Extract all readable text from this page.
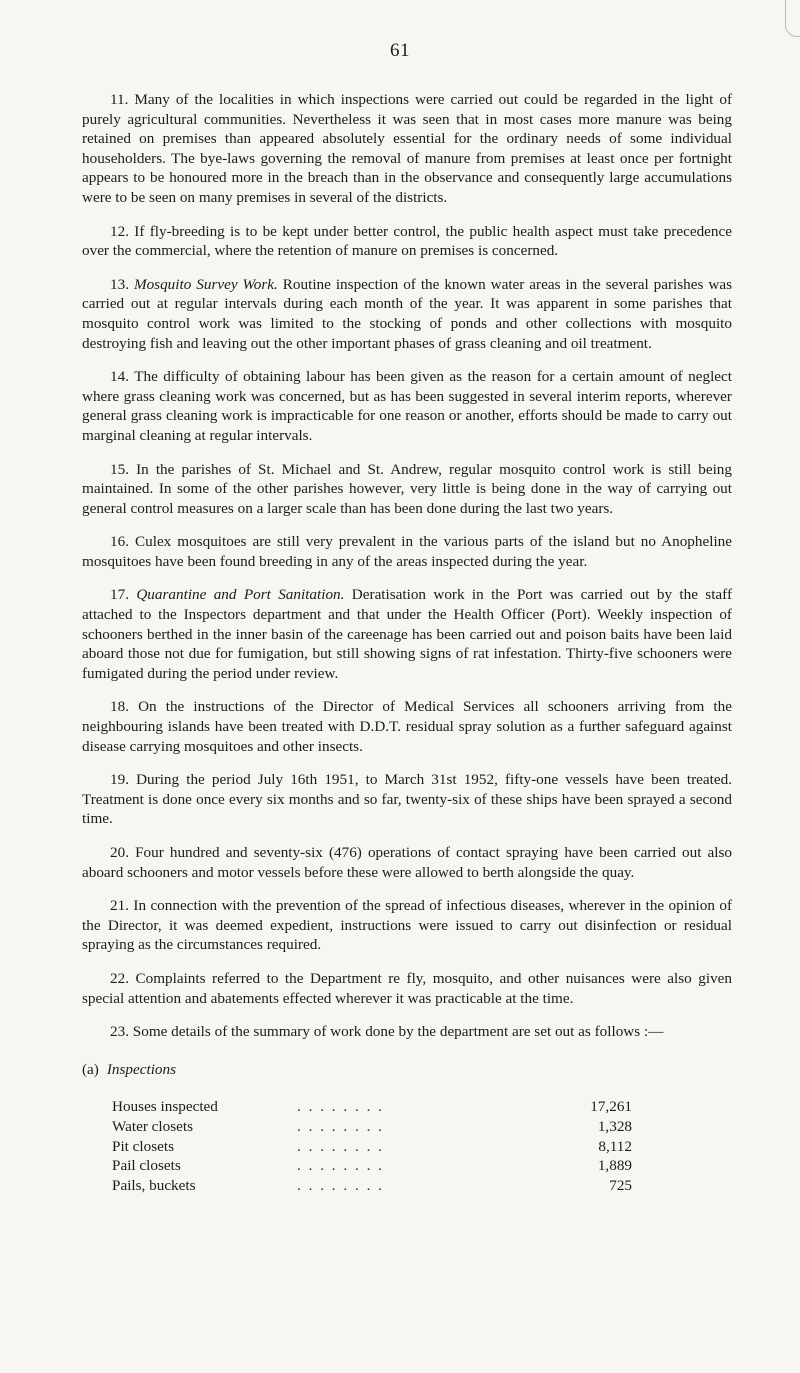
61

11. Many of the localities in which inspections were carried out could be regarded in the light of purely agricultural communities. Nevertheless it was seen that in most cases more manure was being retained on premises than appeared absolutely essential for the ordinary needs of some individual householders. The bye-laws governing the removal of manure from premises at least once per fortnight appears to be honoured more in the breach than in the observance and consequently large accumulations were to be seen on many premises in several of the districts.

12. If fly-breeding is to be kept under better control, the public health aspect must take precedence over the commercial, where the retention of manure on premises is concerned.

13. Mosquito Survey Work. Routine inspection of the known water areas in the several parishes was carried out at regular intervals during each month of the year. It was apparent in some parishes that mosquito control work was limited to the stocking of ponds and other collections with mosquito destroying fish and leaving out the other important phases of grass cleaning and oil treatment.

14. The difficulty of obtaining labour has been given as the reason for a certain amount of neglect where grass cleaning work was concerned, but as has been suggested in several interim reports, wherever general grass cleaning work is impracticable for one reason or another, efforts should be made to carry out marginal cleaning at regular intervals.

15. In the parishes of St. Michael and St. Andrew, regular mosquito control work is still being maintained. In some of the other parishes however, very little is being done in the way of carrying out general control measures on a larger scale than has been done during the last two years.

16. Culex mosquitoes are still very prevalent in the various parts of the island but no Anopheline mosquitoes have been found breeding in any of the areas inspected during the year.

17. Quarantine and Port Sanitation. Deratisation work in the Port was carried out by the staff attached to the Inspectors department and that under the Health Officer (Port). Weekly inspection of schooners berthed in the inner basin of the careenage has been carried out and poison baits have been laid aboard those not due for fumigation, but still showing signs of rat infestation. Thirty-five schooners were fumigated during the period under review.

18. On the instructions of the Director of Medical Services all schooners arriving from the neighbouring islands have been treated with D.D.T. residual spray solution as a further safeguard against disease carrying mosquitoes and other insects.

19. During the period July 16th 1951, to March 31st 1952, fifty-one vessels have been treated. Treatment is done once every six months and so far, twenty-six of these ships have been sprayed a second time.

20. Four hundred and seventy-six (476) operations of contact spraying have been carried out also aboard schooners and motor vessels before these were allowed to berth alongside the quay.

21. In connection with the prevention of the spread of infectious diseases, wherever in the opinion of the Director, it was deemed expedient, instructions were issued to carry out disinfection or residual spraying as the circumstances required.

22. Complaints referred to the Department re fly, mosquito, and other nuisances were also given special attention and abatements effected wherever it was practicable at the time.

23. Some details of the summary of work done by the department are set out as follows :—

(a) Inspections
Houses inspected	. . . . . . . .	17,261
Water closets	. . . . . . . .	1,328
Pit closets	. . . . . . . .	8,112
Pail closets	. . . . . . . .	1,889
Pails, buckets	. . . . . . . .	725
